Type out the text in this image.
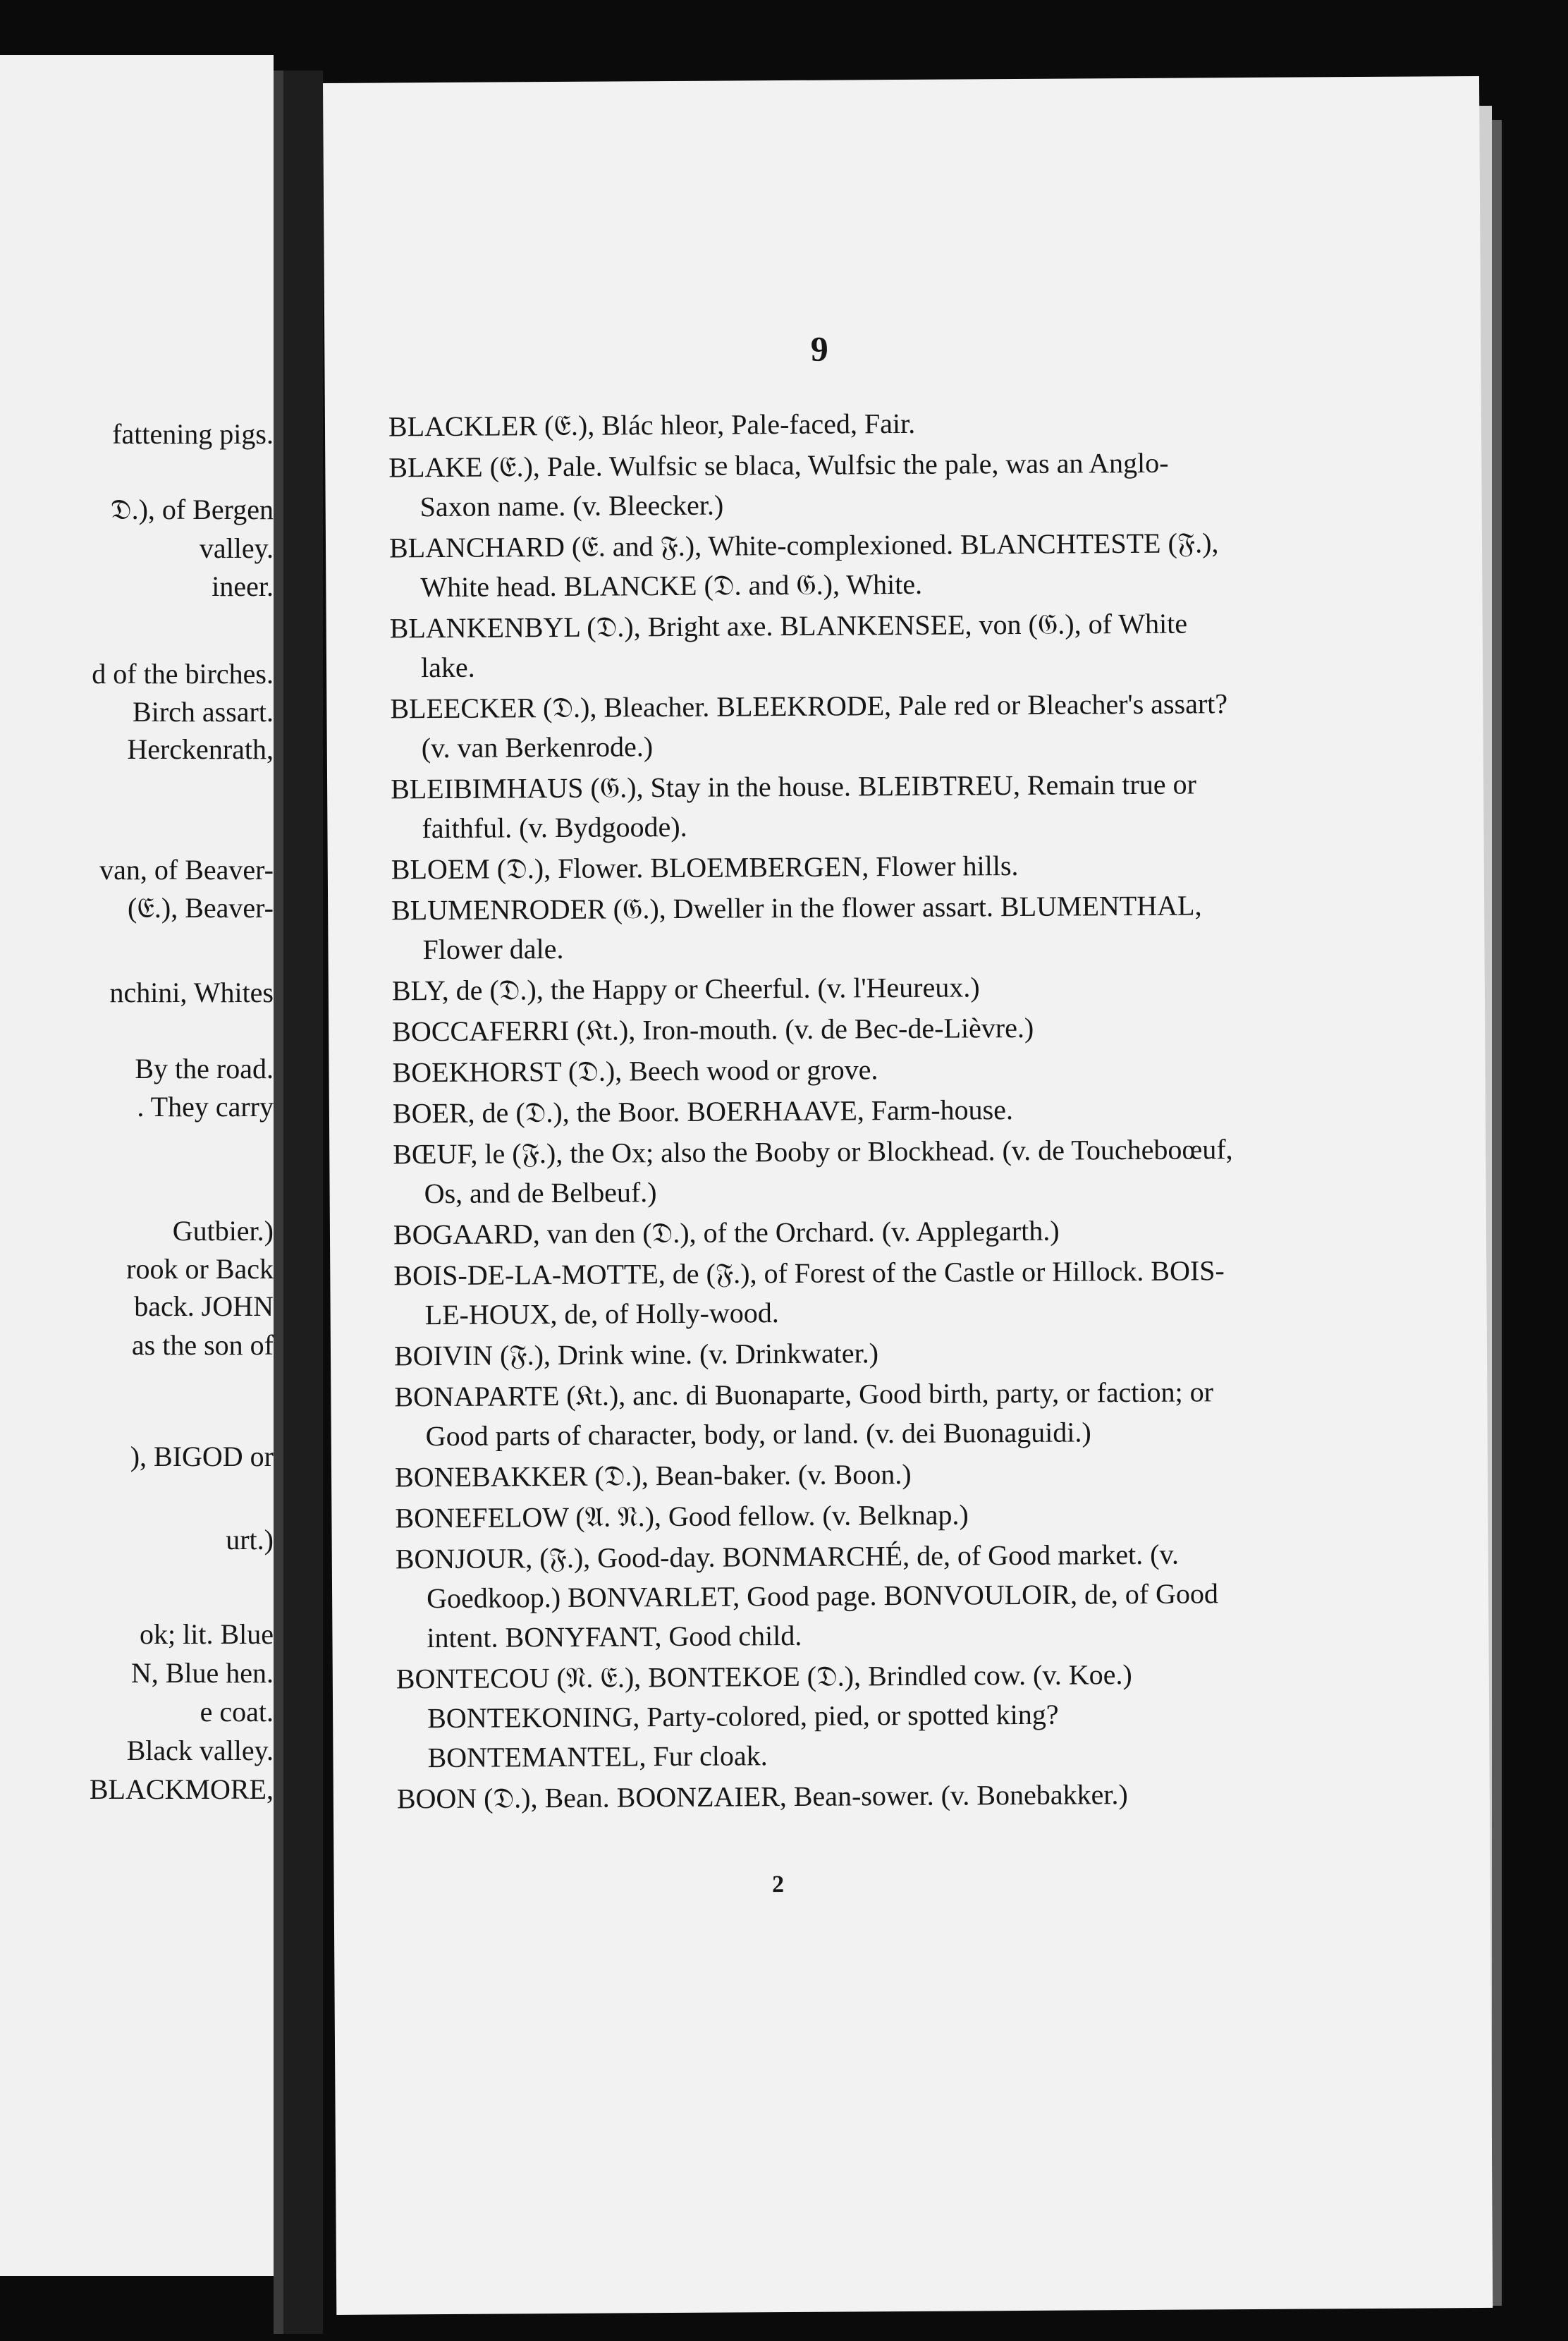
fattening pigs.
𝔇.), of Bergen
valley.
ineer.
d of the birches.
Birch assart.
Herckenrath,
van, of Beaver-
(𝔈.), Beaver-
nchini, Whites
By the road.
. They carry
Gutbier.)
rook or Back
back. JOHN
as the son of
), BIGOD or
urt.)
ok; lit. Blue
N, Blue hen.
e coat.
Black valley.
BLACKMORE,
9

BLACKLER (𝔈.), Blác hleor, Pale-faced, Fair.

BLAKE (𝔈.), Pale. Wulfsic se blaca, Wulfsic the pale, was an Anglo-Saxon name. (v. Bleecker.)

BLANCHARD (𝔈. and 𝔉.), White-complexioned. BLANCHTESTE (𝔉.), White head. BLANCKE (𝔇. and 𝔊.), White.

BLANKENBYL (𝔇.), Bright axe. BLANKENSEE, von (𝔊.), of White lake.

BLEECKER (𝔇.), Bleacher. BLEEKRODE, Pale red or Bleacher's assart? (v. van Berkenrode.)

BLEIBIMHAUS (𝔊.), Stay in the house. BLEIBTREU, Remain true or faithful. (v. Bydgoode).

BLOEM (𝔇.), Flower. BLOEMBERGEN, Flower hills.

BLUMENRODER (𝔊.), Dweller in the flower assart. BLUMENTHAL, Flower dale.

BLY, de (𝔇.), the Happy or Cheerful. (v. l'Heureux.)

BOCCAFERRI (𝔎t.), Iron-mouth. (v. de Bec-de-Lièvre.)

BOEKHORST (𝔇.), Beech wood or grove.

BOER, de (𝔇.), the Boor. BOERHAAVE, Farm-house.

BŒUF, le (𝔉.), the Ox; also the Booby or Blockhead. (v. de Toucheboœuf, Os, and de Belbeuf.)

BOGAARD, van den (𝔇.), of the Orchard. (v. Applegarth.)

BOIS-DE-LA-MOTTE, de (𝔉.), of Forest of the Castle or Hillock. BOIS-LE-HOUX, de, of Holly-wood.

BOIVIN (𝔉.), Drink wine. (v. Drinkwater.)

BONAPARTE (𝔎t.), anc. di Buonaparte, Good birth, party, or faction; or Good parts of character, body, or land. (v. dei Buonaguidi.)

BONEBAKKER (𝔇.), Bean-baker. (v. Boon.)

BONEFELOW (𝔄. 𝔑.), Good fellow. (v. Belknap.)

BONJOUR, (𝔉.), Good-day. BONMARCHÉ, de, of Good market. (v. Goedkoop.) BONVARLET, Good page. BONVOULOIR, de, of Good intent. BONYFANT, Good child.

BONTECOU (𝔑. 𝔈.), BONTEKOE (𝔇.), Brindled cow. (v. Koe.) BONTEKONING, Party-colored, pied, or spotted king? BONTEMANTEL, Fur cloak.

BOON (𝔇.), Bean. BOONZAIER, Bean-sower. (v. Bonebakker.)

2
